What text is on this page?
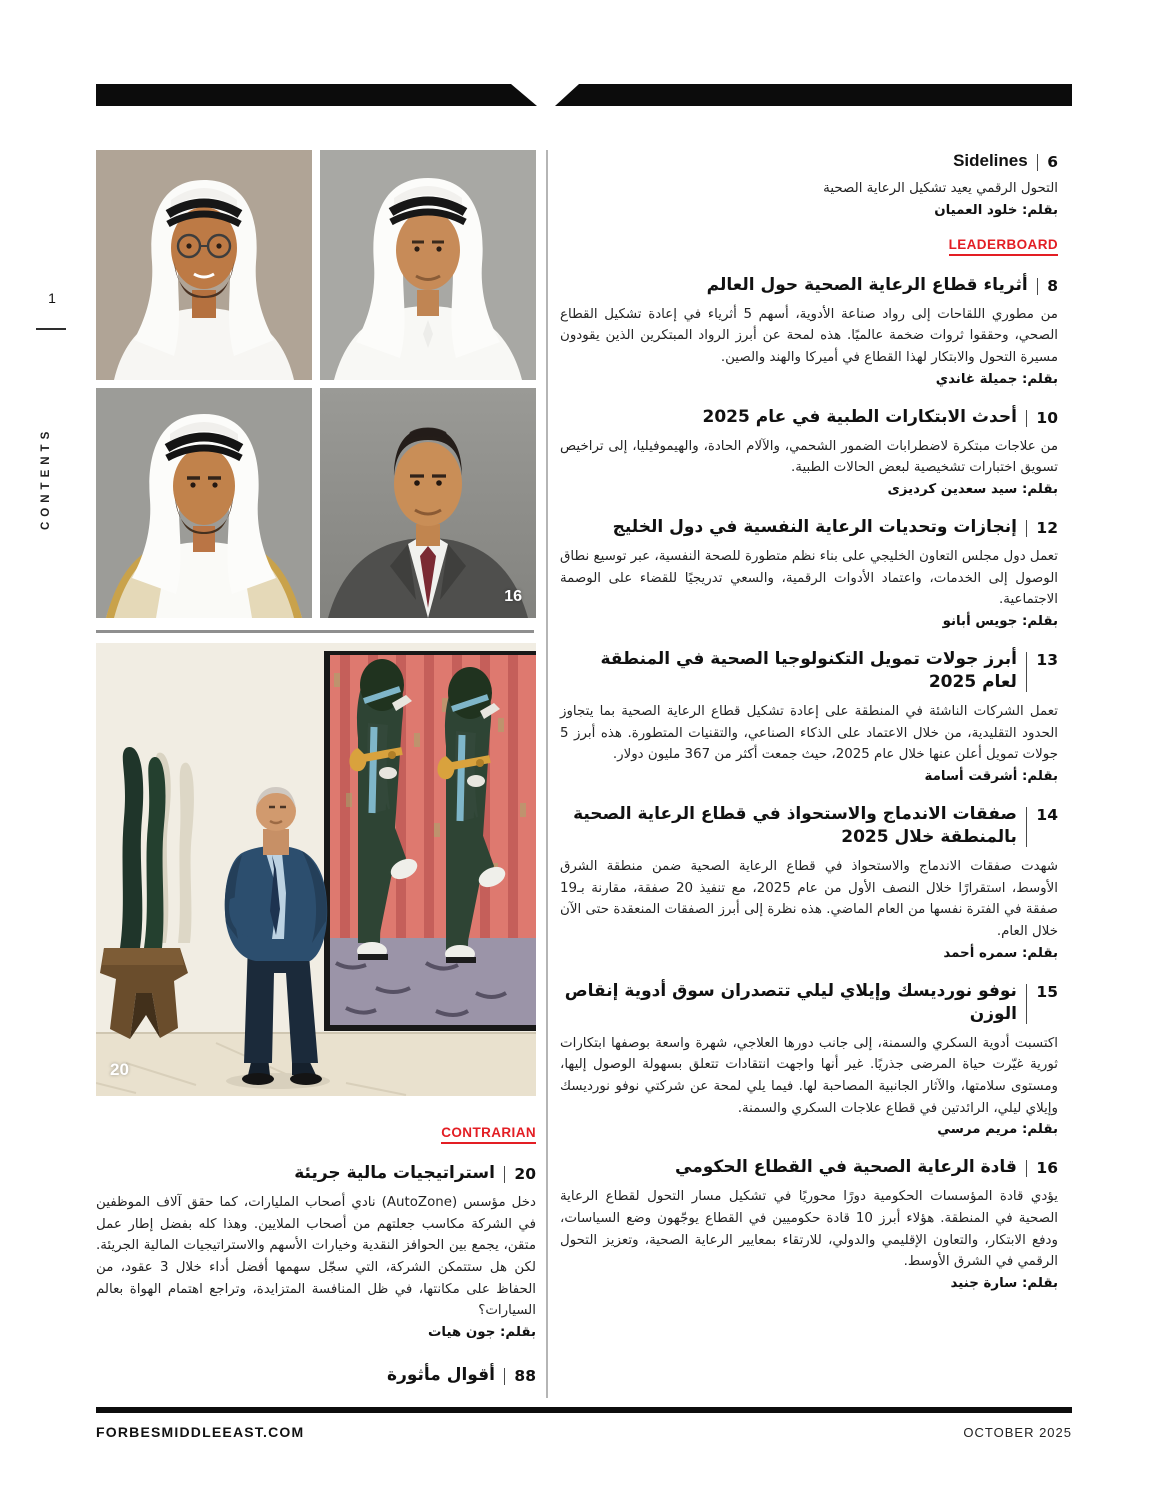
1
CONTENTS
16
20
6
Sidelines

التحول الرقمي يعيد تشكيل الرعاية الصحية

بقلم: خلود العميان

LEADERBOARD
8
أثرياء قطاع الرعاية الصحية حول العالم

من مطوري اللقاحات إلى رواد صناعة الأدوية، أسهم 5 أثرياء في إعادة تشكيل القطاع الصحي، وحققوا ثروات ضخمة عالميًا. هذه لمحة عن أبرز الرواد المبتكرين الذين يقودون مسيرة التحول والابتكار لهذا القطاع في أميركا والهند والصين.

بقلم: جميلة غاندي

10
أحدث الابتكارات الطبية في عام 2025

من علاجات مبتكرة لاضطرابات الضمور الشحمي، والآلام الحادة، والهيموفيليا، إلى تراخيص تسويق اختبارات تشخيصية لبعض الحالات الطبية.

بقلم: سيد سعدين كرديزى

12
إنجازات وتحديات الرعاية النفسية في دول الخليج

تعمل دول مجلس التعاون الخليجي على بناء نظم متطورة للصحة النفسية، عبر توسيع نطاق الوصول إلى الخدمات، واعتماد الأدوات الرقمية، والسعي تدريجيًا للقضاء على الوصمة الاجتماعية.

بقلم: جويس أبانو

13
أبرز جولات تمويل التكنولوجيا الصحية في المنطقة لعام 2025

تعمل الشركات الناشئة في المنطقة على إعادة تشكيل قطاع الرعاية الصحية بما يتجاوز الحدود التقليدية، من خلال الاعتماد على الذكاء الصناعي، والتقنيات المتطورة. هذه أبرز 5 جولات تمويل أعلن عنها خلال عام 2025، حيث جمعت أكثر من 367 مليون دولار.

بقلم: أشرقت أسامة

14
صفقات الاندماج والاستحواذ في قطاع الرعاية الصحية بالمنطقة خلال 2025

شهدت صفقات الاندماج والاستحواذ في قطاع الرعاية الصحية ضمن منطقة الشرق الأوسط، استقرارًا خلال النصف الأول من عام 2025، مع تنفيذ 20 صفقة، مقارنة بـ19 صفقة في الفترة نفسها من العام الماضي. هذه نظرة إلى أبرز الصفقات المنعقدة حتى الآن خلال العام.

بقلم: سمره أحمد

15
نوفو نورديسك وإيلاي ليلي تتصدران سوق أدوية إنقاص الوزن

اكتسبت أدوية السكري والسمنة، إلى جانب دورها العلاجي، شهرة واسعة بوصفها ابتكارات ثورية غيّرت حياة المرضى جذريًا. غير أنها واجهت انتقادات تتعلق بسهولة الوصول إليها، ومستوى سلامتها، والآثار الجانبية المصاحبة لها. فيما يلي لمحة عن شركتي نوفو نورديسك وإيلاي ليلي، الرائدتين في قطاع علاجات السكري والسمنة.

بقلم: مريم مرسي

16
قادة الرعاية الصحية في القطاع الحكومي

يؤدي قادة المؤسسات الحكومية دورًا محوريًا في تشكيل مسار التحول لقطاع الرعاية الصحية في المنطقة. هؤلاء أبرز 10 قادة حكوميين في القطاع يوجّهون وضع السياسات، ودفع الابتكار، والتعاون الإقليمي والدولي، للارتقاء بمعايير الرعاية الصحية، وتعزيز التحول الرقمي في الشرق الأوسط.

بقلم: سارة جنيد

CONTRARIAN
20
استراتيجيات مالية جريئة

دخل مؤسس (AutoZone) نادي أصحاب المليارات، كما حقق آلاف الموظفين في الشركة مكاسب جعلتهم من أصحاب الملايين. وهذا كله بفضل إطار عمل متقن، يجمع بين الحوافز النقدية وخيارات الأسهم والاستراتيجيات المالية الجريئة. لكن هل ستتمكن الشركة، التي سجّل سهمها أفضل أداء خلال 3 عقود، من الحفاظ على مكانتها، في ظل المنافسة المتزايدة، وتراجع اهتمام الهواة بعالم السيارات؟

بقلم: جون هيات

88
أقوال مأثورة
FORBESMIDDLEEAST.COM	OCTOBER 2025
